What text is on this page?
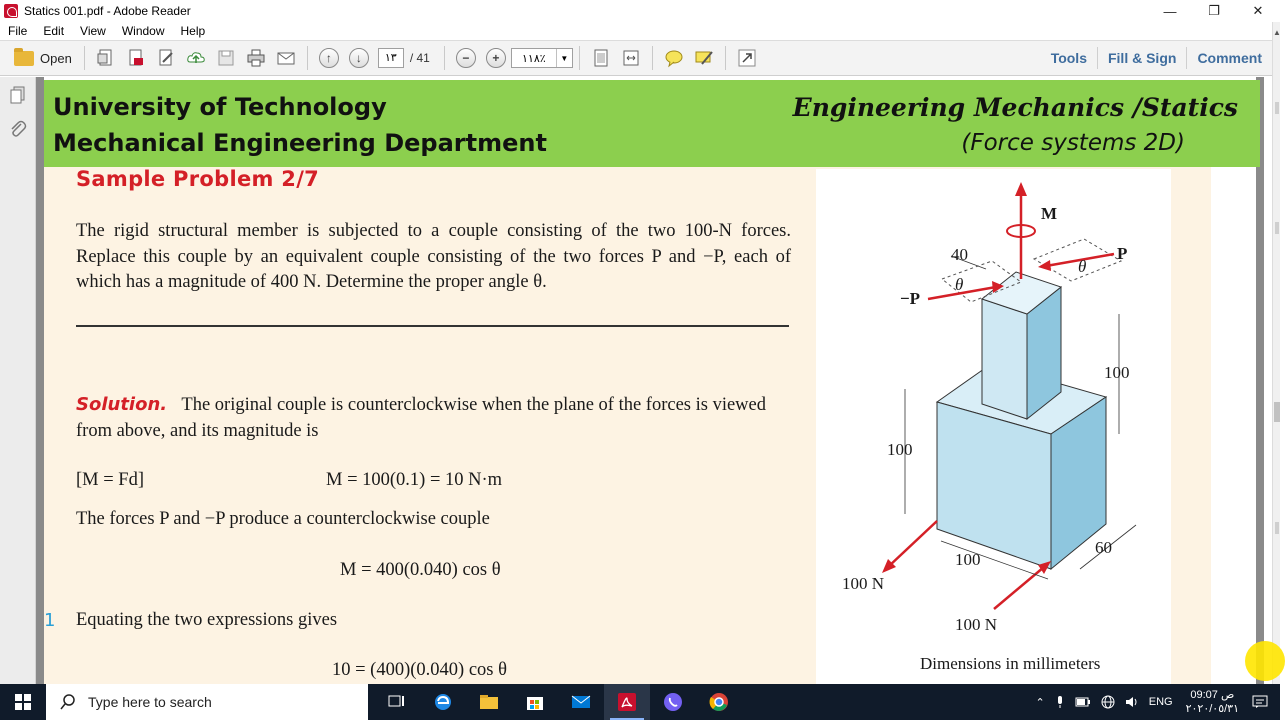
Statics 001.pdf - Adobe Reader	—	❐	✕
File	Edit	View	Window	Help
Open	↑	↓	١٣	/ 41	−	+	١١٨٪	▼	Tools	Fill & Sign	Comment
University of Technology
Mechanical Engineering Department
Engineering Mechanics /Statics
(Force systems 2D)
Sample Problem 2/7
The rigid structural member is subjected to a couple consisting of the two 100-N forces. Replace this couple by an equivalent couple consisting of the two forces P and −P, each of which has a magnitude of 400 N. Determine the proper angle θ.
Solution. The original couple is counterclockwise when the plane of the forces is viewed from above, and its magnitude is
[M = Fd]	M = 100(0.1) = 10 N·m
The forces P and −P produce a counterclockwise couple
M = 400(0.040) cos θ
1 Equating the two expressions gives
10 = (400)(0.040) cos θ
M
P
−P
θ
θ
40
100
100
100
60
100 N
100 N
Dimensions in millimeters
▲
Type here to search	⌃	ENG
09:07 ص
٢٠٢٠/٠٥/٣١
